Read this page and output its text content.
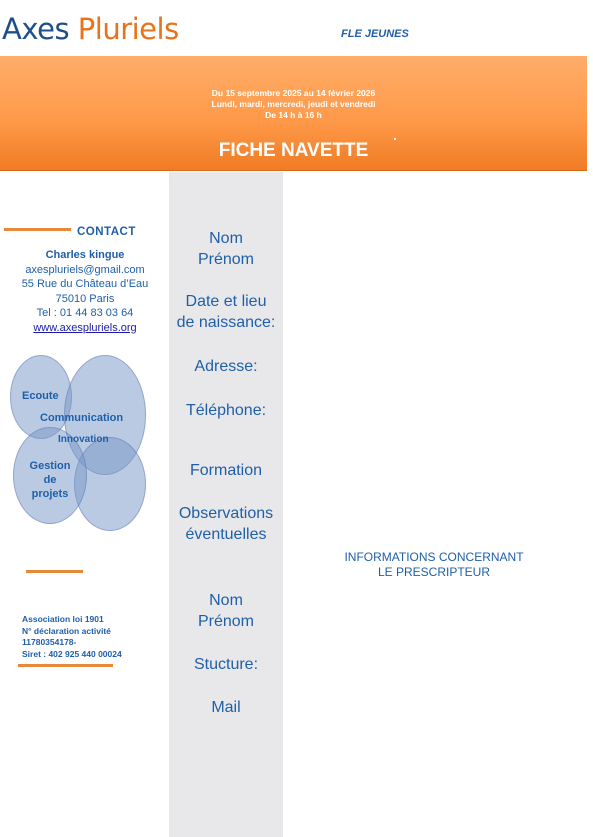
Axes Pluriels	FLE JEUNES
Du 15 septembre 2025 au 14 février 2026
Lundi, mardi, mercredi, jeudi et vendredi
De 14 h à 16 h
FICHE NAVETTE
CONTACT
Charles kingue
axespluriels@gmail.com
55 Rue du Château d’Eau
75010 Paris
Tel : 01 44 83 03 64
www.axespluriels.org
Ecoute
Communication
Innovation
Gestion
de
projets
Association loi 1901
N° déclaration activité
11780354178-
Siret : 402 925 440 00024
Nom
Prénom
Date et lieu
de naissance:
Adresse:
Téléphone:
Formation
Observations
éventuelles
Nom
Prénom
Stucture:
Mail
INFORMATIONS CONCERNANT
LE PRESCRIPTEUR
